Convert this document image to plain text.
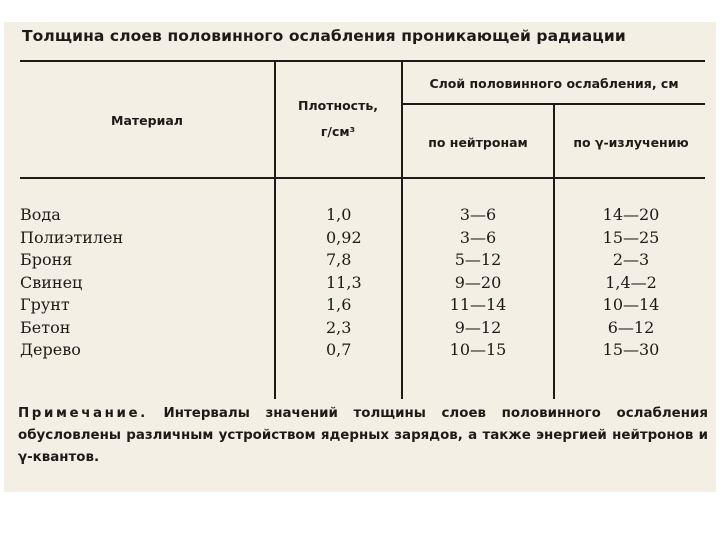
Толщина слоев половинного ослабления проникающей радиации
Материал
Плотность,
г/см³
Слой половинного ослабления, см
по нейтронам	по γ-излучению
Вода	1,0	3—6	14—20
Полиэтилен	0,92	3—6	15—25
Броня	7,8	5—12	2—3
Свинец	11,3	9—20	1,4—2
Грунт	1,6	11—14	10—14
Бетон	2,3	9—12	6—12
Дерево	0,7	10—15	15—30
Примечание. Интервалы значений толщины слоев половинного ослабления обусловлены различным устройством ядерных зарядов, а также энергией нейтронов и γ-квантов.
